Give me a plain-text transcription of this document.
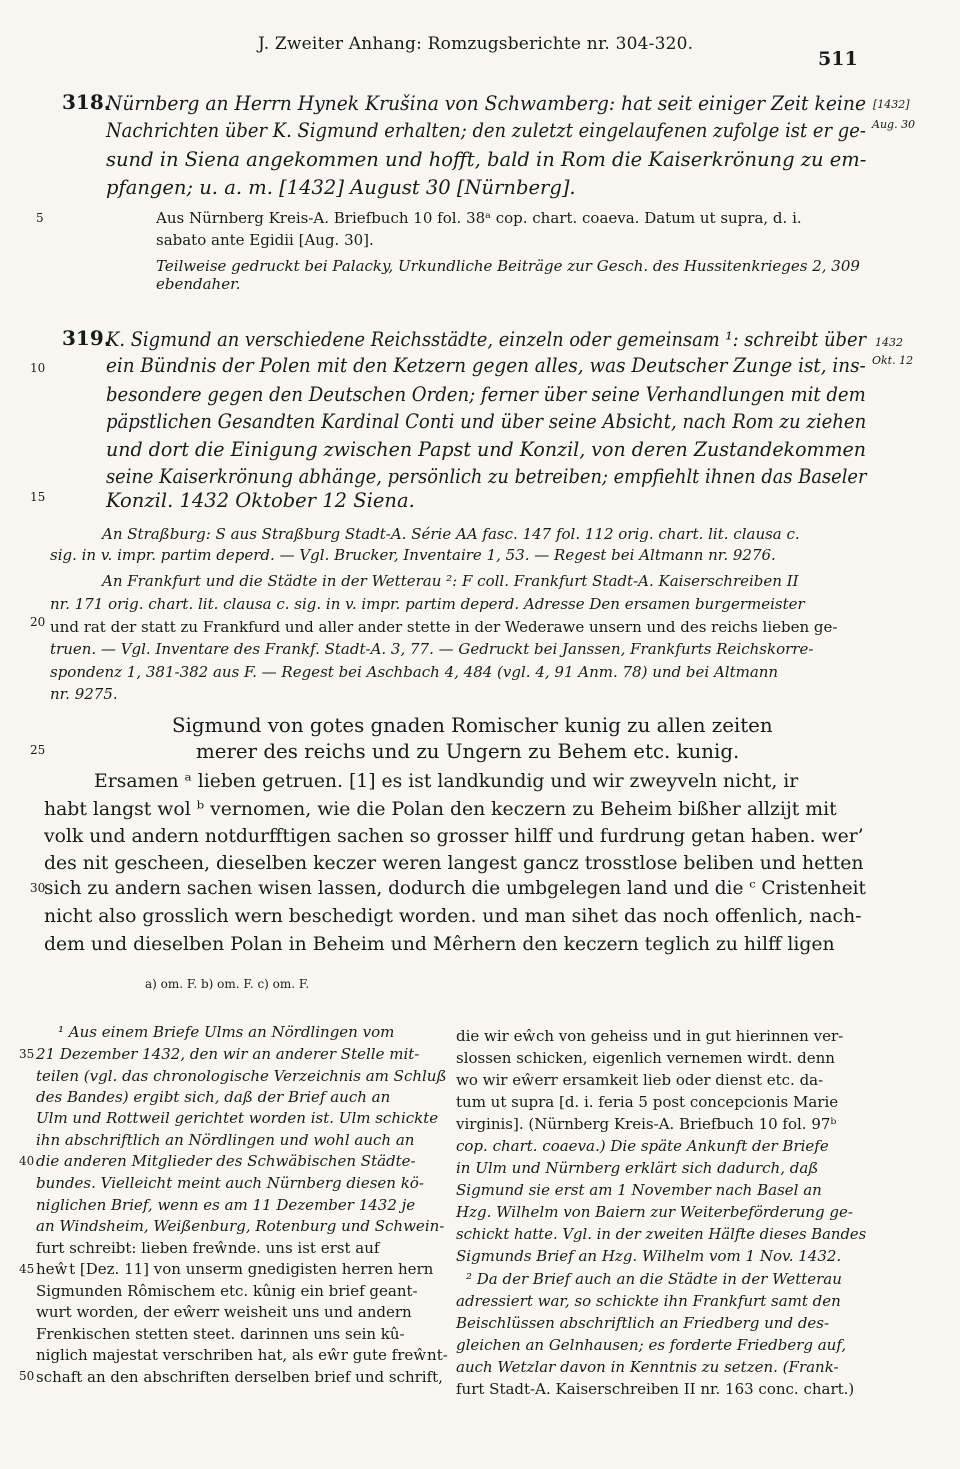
J. Zweiter Anhang: Romzugsberichte nr. 304-320.
511
5
10
15
20
25
30
35
40
45
50
318.
Nürnberg an Herrn Hynek Krušina von Schwamberg: hat seit einiger Zeit keine
Nachrichten über K. Sigmund erhalten; den zuletzt eingelaufenen zufolge ist er ge-
sund in Siena angekommen und hofft, bald in Rom die Kaiserkrönung zu em-
pfangen; u. a. m. [1432] August 30 [Nürnberg].
[1432]
Aug. 30
Aus Nürnberg Kreis-A. Briefbuch 10 fol. 38ᵃ cop. chart. coaeva. Datum ut supra, d. i.
sabato ante Egidii [Aug. 30].
Teilweise gedruckt bei Palacky, Urkundliche Beiträge zur Gesch. des Hussitenkrieges 2, 309
ebendaher.
319.
K. Sigmund an verschiedene Reichsstädte, einzeln oder gemeinsam ¹: schreibt über
ein Bündnis der Polen mit den Ketzern gegen alles, was Deutscher Zunge ist, ins-
besondere gegen den Deutschen Orden; ferner über seine Verhandlungen mit dem
päpstlichen Gesandten Kardinal Conti und über seine Absicht, nach Rom zu ziehen
und dort die Einigung zwischen Papst und Konzil, von deren Zustandekommen
seine Kaiserkrönung abhänge, persönlich zu betreiben; empfiehlt ihnen das Baseler
Konzil. 1432 Oktober 12 Siena.
1432
Okt. 12
An Straßburg: S aus Straßburg Stadt-A. Série AA fasc. 147 fol. 112 orig. chart. lit. clausa c.
sig. in v. impr. partim deperd. — Vgl. Brucker, Inventaire 1, 53. — Regest bei Altmann nr. 9276.
An Frankfurt und die Städte in der Wetterau ²: F coll. Frankfurt Stadt-A. Kaiserschreiben II
nr. 171 orig. chart. lit. clausa c. sig. in v. impr. partim deperd. Adresse Den ersamen burgermeister
und rat der statt zu Frankfurd und aller ander stette in der Wederawe unsern und des reichs lieben ge-
truen. — Vgl. Inventare des Frankf. Stadt-A. 3, 77. — Gedruckt bei Janssen, Frankfurts Reichskorre-
spondenz 1, 381-382 aus F. — Regest bei Aschbach 4, 484 (vgl. 4, 91 Anm. 78) und bei Altmann
nr. 9275.
Sigmund von gotes gnaden Romischer kunig zu allen zeiten
merer des reichs und zu Ungern zu Behem etc. kunig.
Ersamen ᵃ lieben getruen. [1] es ist landkundig und wir zweyveln nicht, ir
habt langst wol ᵇ vernomen, wie die Polan den keczern zu Beheim bißher allzijt mit
volk und andern notdurfftigen sachen so grosser hilff und furdrung getan haben. wer’
des nit gescheen, dieselben keczer weren langest gancz trosstlose beliben und hetten
sich zu andern sachen wisen lassen, dodurch die umbgelegen land und die ᶜ Cristenheit
nicht also grosslich wern beschedigt worden. und man sihet das noch offenlich, nach-
dem und dieselben Polan in Beheim und Mêrhern den keczern teglich zu hilff ligen
a) om. F. b) om. F. c) om. F.
¹ Aus einem Briefe Ulms an Nördlingen vom
21 Dezember 1432, den wir an anderer Stelle mit-
teilen (vgl. das chronologische Verzeichnis am Schluß
des Bandes) ergibt sich, daß der Brief auch an
Ulm und Rottweil gerichtet worden ist. Ulm schickte
ihn abschriftlich an Nördlingen und wohl auch an
die anderen Mitglieder des Schwäbischen Städte-
bundes. Vielleicht meint auch Nürnberg diesen kö-
niglichen Brief, wenn es am 11 Dezember 1432 je
an Windsheim, Weißenburg, Rotenburg und Schwein-
furt schreibt: lieben freŵnde. uns ist erst auf
heŵt [Dez. 11] von unserm gnedigisten herren hern
Sigmunden Rômischem etc. kûnig ein brief geant-
wurt worden, der eŵerr weisheit uns und andern
Frenkischen stetten steet. darinnen uns sein kû-
niglich majestat verschriben hat, als eŵr gute freŵnt-
schaft an den abschriften derselben brief und schrift,
die wir eŵch von geheiss und in gut hierinnen ver-
slossen schicken, eigenlich vernemen wirdt. denn
wo wir eŵerr ersamkeit lieb oder dienst etc. da-
tum ut supra [d. i. feria 5 post concepcionis Marie
virginis]. (Nürnberg Kreis-A. Briefbuch 10 fol. 97ᵇ
cop. chart. coaeva.) Die späte Ankunft der Briefe
in Ulm und Nürnberg erklärt sich dadurch, daß
Sigmund sie erst am 1 November nach Basel an
Hzg. Wilhelm von Baiern zur Weiterbeförderung ge-
schickt hatte. Vgl. in der zweiten Hälfte dieses Bandes
Sigmunds Brief an Hzg. Wilhelm vom 1 Nov. 1432.
² Da der Brief auch an die Städte in der Wetterau
adressiert war, so schickte ihn Frankfurt samt den
Beischlüssen abschriftlich an Friedberg und des-
gleichen an Gelnhausen; es forderte Friedberg auf,
auch Wetzlar davon in Kenntnis zu setzen. (Frank-
furt Stadt-A. Kaiserschreiben II nr. 163 conc. chart.)
